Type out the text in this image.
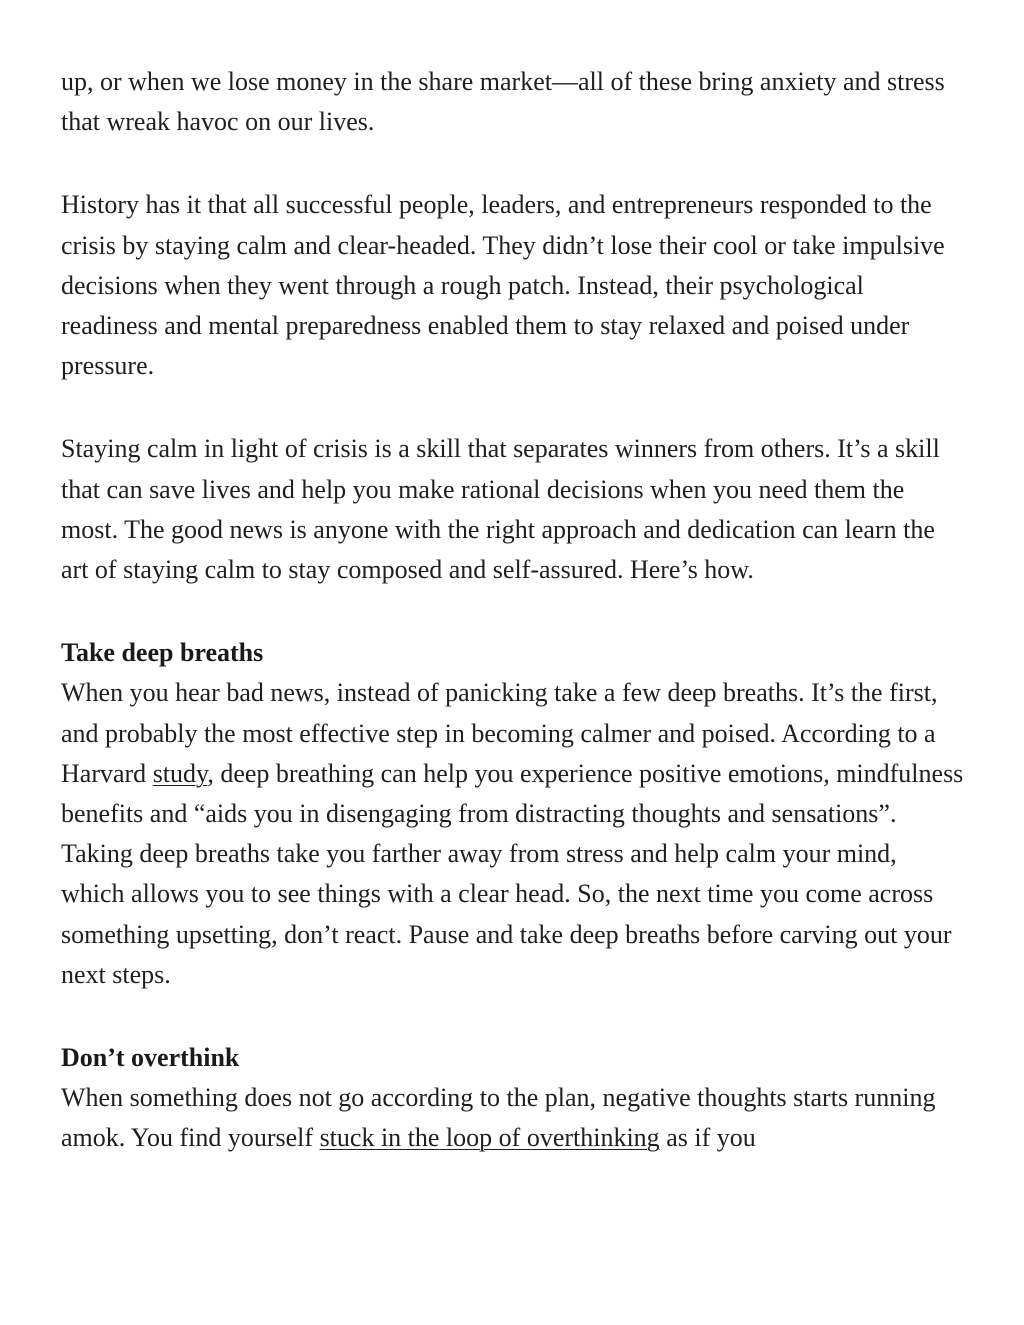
up, or when we lose money in the share market—all of these bring anxiety and stress that wreak havoc on our lives.

History has it that all successful people, leaders, and entrepreneurs responded to the crisis by staying calm and clear-headed. They didn’t lose their cool or take impulsive decisions when they went through a rough patch. Instead, their psychological readiness and mental preparedness enabled them to stay relaxed and poised under pressure.

Staying calm in light of crisis is a skill that separates winners from others. It’s a skill that can save lives and help you make rational decisions when you need them the most. The good news is anyone with the right approach and dedication can learn the art of staying calm to stay composed and self-assured. Here’s how.

Take deep breaths

When you hear bad news, instead of panicking take a few deep breaths. It’s the first, and probably the most effective step in becoming calmer and poised. According to a Harvard study, deep breathing can help you experience positive emotions, mindfulness benefits and “aids you in disengaging from distracting thoughts and sensations”. Taking deep breaths take you farther away from stress and help calm your mind, which allows you to see things with a clear head. So, the next time you come across something upsetting, don’t react. Pause and take deep breaths before carving out your next steps.

Don’t overthink

When something does not go according to the plan, negative thoughts starts running amok. You find yourself stuck in the loop of overthinking as if you
